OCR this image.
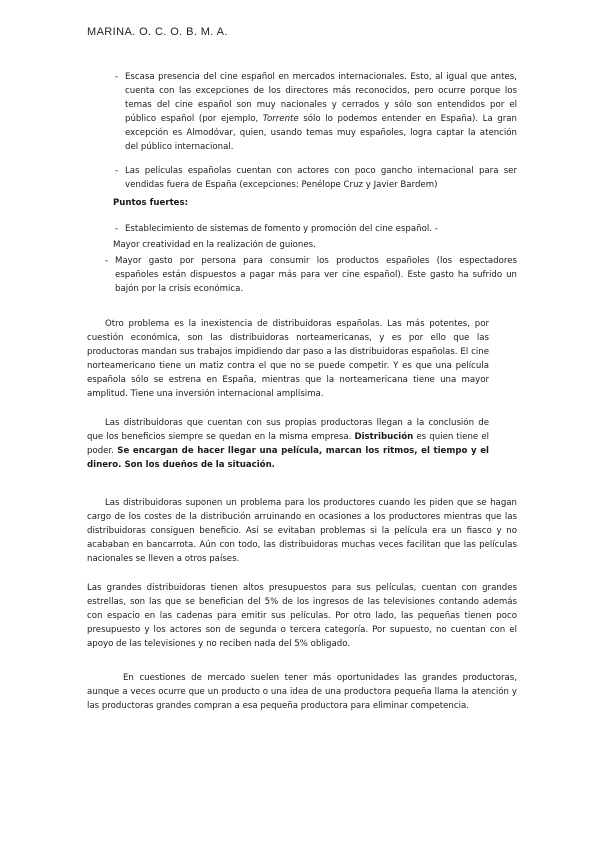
MARINA. O. C. O. B. M. A.
- Escasa presencia del cine español en mercados internacionales. Esto, al igual que antes, cuenta con las excepciones de los directores más reconocidos, pero ocurre porque los temas del cine español son muy nacionales y cerrados y sólo son entendidos por el público español (por ejemplo, Torrente sólo lo podemos entender en España). La gran excepción es Almodóvar, quien, usando temas muy españoles, logra captar la atención del público internacional.
- Las películas españolas cuentan con actores con poco gancho internacional para ser vendidas fuera de España (excepciones: Penélope Cruz y Javier Bardem)
Puntos fuertes:
- Establecimiento de sistemas de fomento y promoción del cine español. -
Mayor creatividad en la realización de guiones.
- Mayor gasto por persona para consumir los productos españoles (los espectadores españoles están dispuestos a pagar más para ver cine español). Este gasto ha sufrido un bajón por la crisis económica.
Otro problema es la inexistencia de distribuidoras españolas. Las más potentes, por cuestión económica, son las distribuidoras norteamericanas, y es por ello que las productoras mandan sus trabajos impidiendo dar paso a las distribuidoras españolas. El cine norteamericano tiene un matiz contra el que no se puede competir. Y es que una película española sólo se estrena en España, mientras que la norteamericana tiene una mayor amplitud. Tiene una inversión internacional amplísima.
Las distribuidoras que cuentan con sus propias productoras llegan a la conclusión de que los beneficios siempre se quedan en la misma empresa. Distribución es quien tiene el poder. Se encargan de hacer llegar una película, marcan los ritmos, el tiempo y el dinero. Son los dueños de la situación.
Las distribuidoras suponen un problema para los productores cuando les piden que se hagan cargo de los costes de la distribución arruinando en ocasiones a los productores mientras que las distribuidoras consiguen beneficio. Así se evitaban problemas si la película era un fiasco y no acababan en bancarrota. Aún con todo, las distribuidoras muchas veces facilitan que las películas nacionales se lleven a otros países.
Las grandes distribuidoras tienen altos presupuestos para sus películas, cuentan con grandes estrellas, son las que se benefician del 5% de los ingresos de las televisiones contando además con espacio en las cadenas para emitir sus películas. Por otro lado, las pequeñas tienen poco presupuesto y los actores son de segunda o tercera categoría. Por supuesto, no cuentan con el apoyo de las televisiones y no reciben nada del 5% obligado.
En cuestiones de mercado suelen tener más oportunidades las grandes productoras, aunque a veces ocurre que un producto o una idea de una productora pequeña llama la atención y las productoras grandes compran a esa pequeña productora para eliminar competencia.
